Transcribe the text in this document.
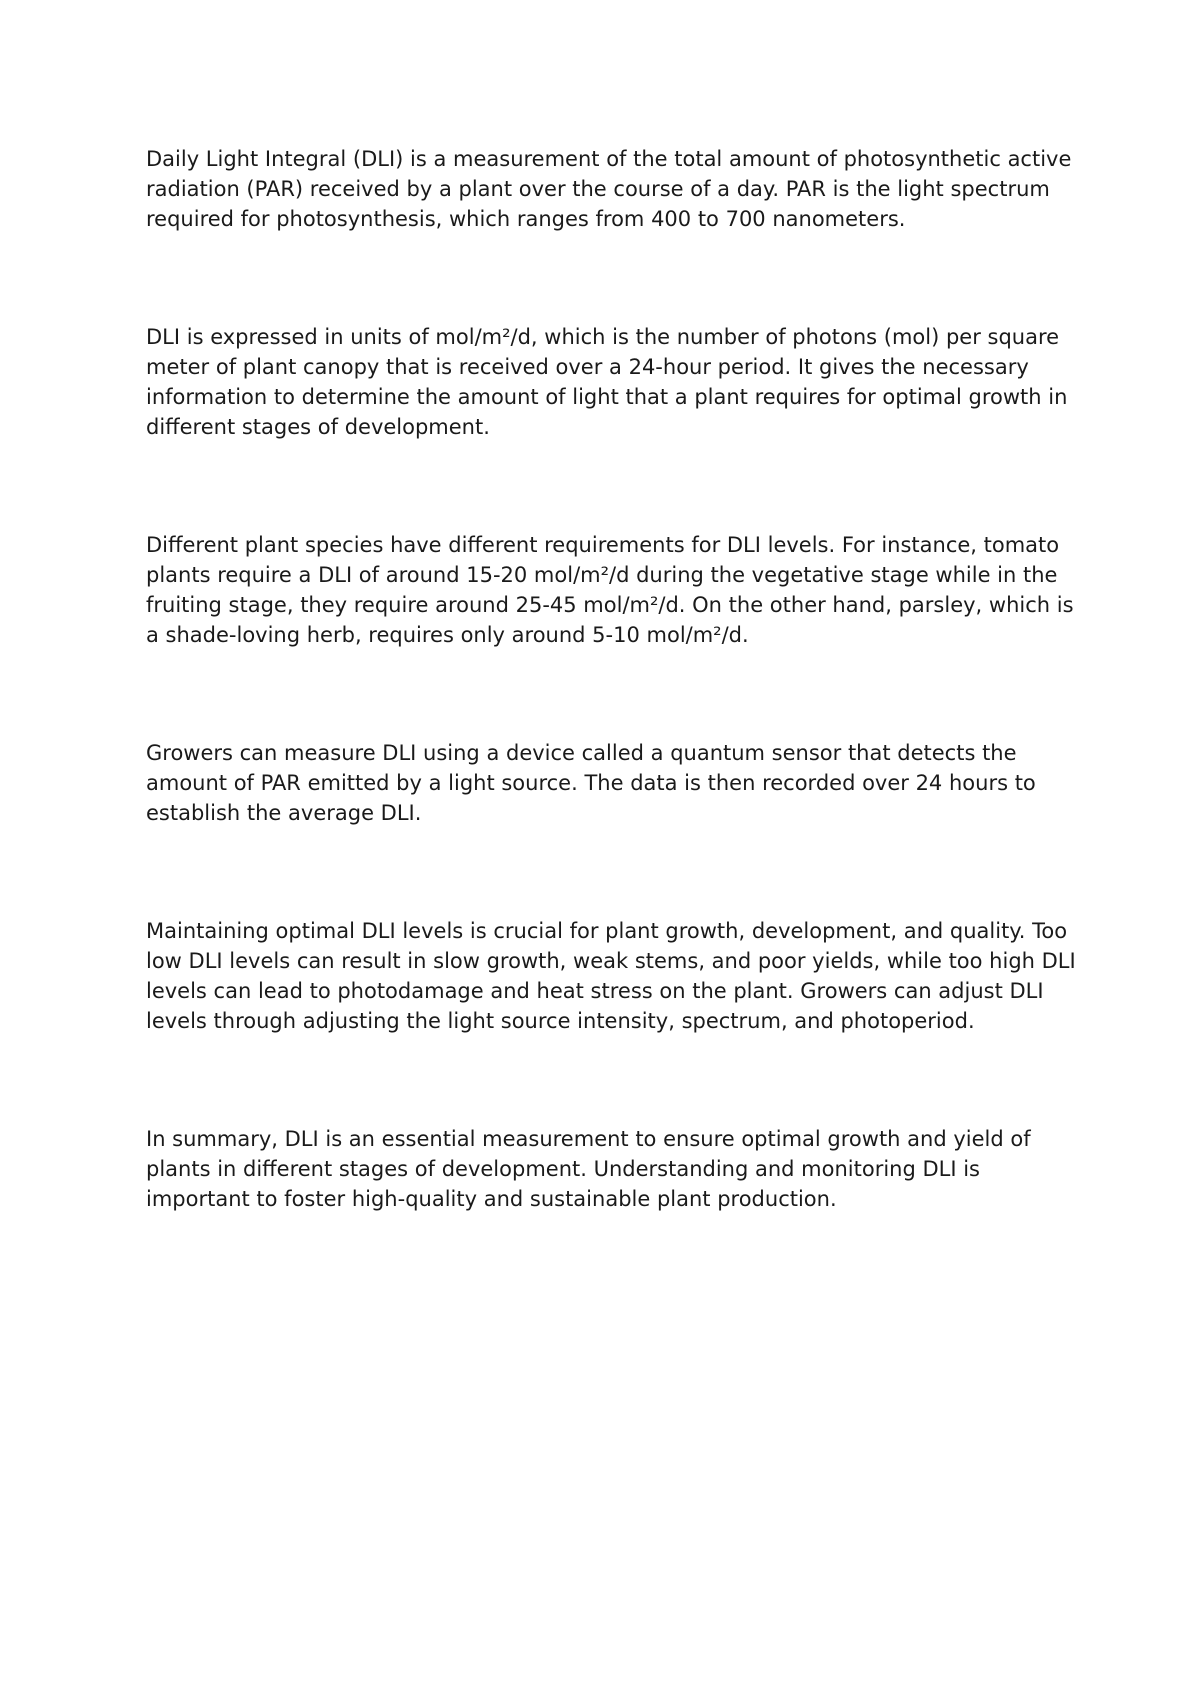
Daily Light Integral (DLI) is a measurement of the total amount of photosynthetic active radiation (PAR) received by a plant over the course of a day. PAR is the light spectrum required for photosynthesis, which ranges from 400 to 700 nanometers.

DLI is expressed in units of mol/m²/d, which is the number of photons (mol) per square meter of plant canopy that is received over a 24-hour period. It gives the necessary information to determine the amount of light that a plant requires for optimal growth in different stages of development.

Different plant species have different requirements for DLI levels. For instance, tomato plants require a DLI of around 15-20 mol/m²/d during the vegetative stage while in the fruiting stage, they require around 25-45 mol/m²/d. On the other hand, parsley, which is a shade-loving herb, requires only around 5-10 mol/m²/d.

Growers can measure DLI using a device called a quantum sensor that detects the amount of PAR emitted by a light source. The data is then recorded over 24 hours to establish the average DLI.

Maintaining optimal DLI levels is crucial for plant growth, development, and quality. Too low DLI levels can result in slow growth, weak stems, and poor yields, while too high DLI levels can lead to photodamage and heat stress on the plant. Growers can adjust DLI levels through adjusting the light source intensity, spectrum, and photoperiod.

In summary, DLI is an essential measurement to ensure optimal growth and yield of plants in different stages of development. Understanding and monitoring DLI is important to foster high-quality and sustainable plant production.
